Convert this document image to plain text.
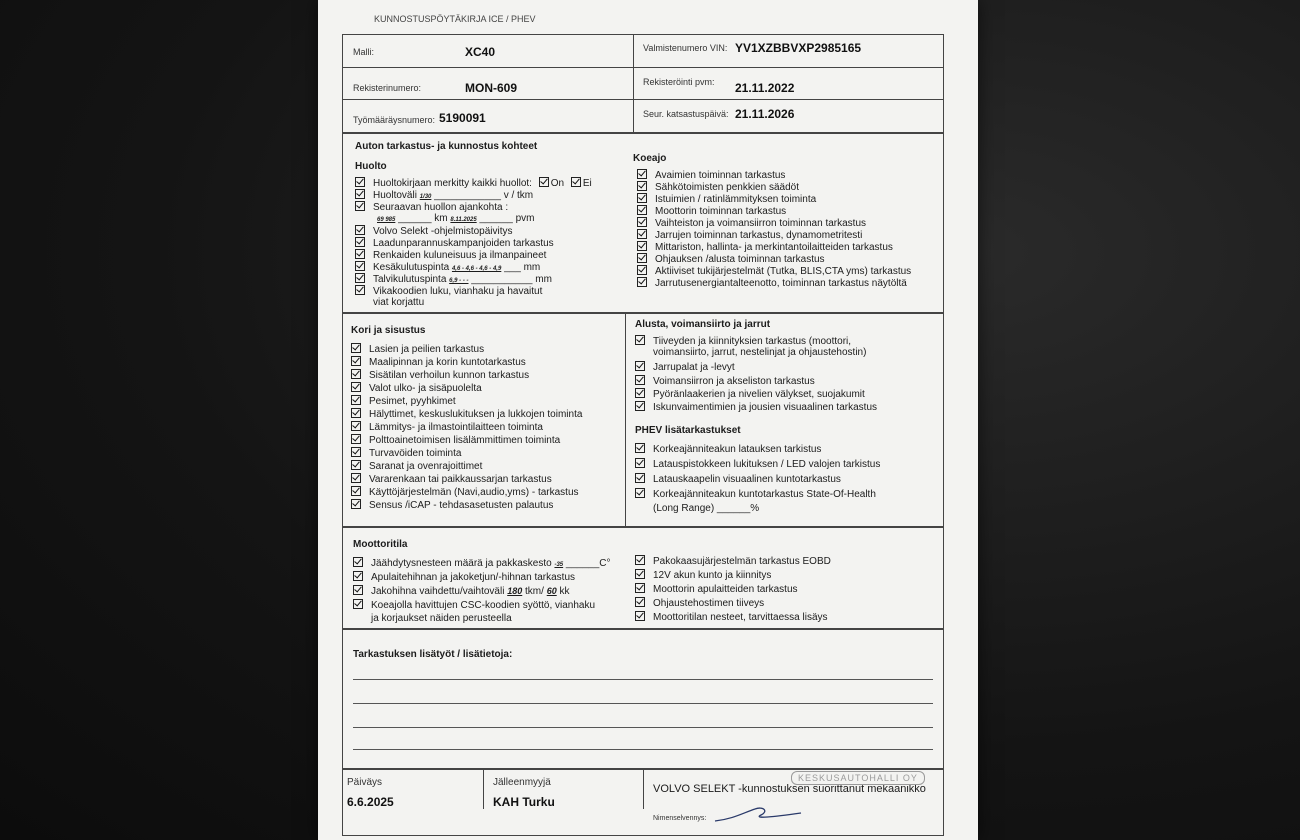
KUNNOSTUSPÖYTÄKIRJA ICE / PHEV
Malli:	XC40	Valmistenumero VIN: YV1XZBBVXP2985165
Rekisterinumero:	MON-609	Rekisteröinti pvm: 21.11.2022
Työmääräysnumero: 5190091	Seur. katsastuspäivä: 21.11.2026
Auton tarkastus- ja kunnostus kohteet
Huolto
Koeajo
Huoltokirjaan merkitty kaikki huollot: On Ei
Huoltoväli 1/30 ____________ v / tkm
Seuraavan huollon ajankohta :
69 985 ______ km 8.11.2025 ______ pvm
Volvo Selekt -ohjelmistopäivitys
Laadunparannuskampanjoiden tarkastus
Renkaiden kuluneisuus ja ilmanpaineet
Kesäkulutuspinta 4,6 - 4,6 - 4,6 - 4,9 ___ mm
Talvikulutuspinta 6,9 - - - ___________ mm
Vikakoodien luku, vianhaku ja havaitut
viat korjattu
Avaimien toiminnan tarkastus
Sähkötoimisten penkkien säädöt
Istuimien / ratinlämmityksen toiminta
Moottorin toiminnan tarkastus
Vaihteiston ja voimansiirron toiminnan tarkastus
Jarrujen toiminnan tarkastus, dynamometritesti
Mittariston, hallinta- ja merkintantoilaitteiden tarkastus
Ohjauksen /alusta toiminnan tarkastus
Aktiiviset tukijärjestelmät (Tutka, BLIS,CTA yms) tarkastus
Jarrutusenergiantalteenotto, toiminnan tarkastus näytöltä
Kori ja sisustus
Alusta, voimansiirto ja jarrut
Lasien ja peilien tarkastus
Maalipinnan ja korin kuntotarkastus
Sisätilan verhoilun kunnon tarkastus
Valot ulko- ja sisäpuolelta
Pesimet, pyyhkimet
Hälyttimet, keskuslukituksen ja lukkojen toiminta
Lämmitys- ja ilmastointilaitteen toiminta
Polttoainetoimisen lisälämmittimen toiminta
Turvavöiden toiminta
Saranat ja ovenrajoittimet
Vararenkaan tai paikkaussarjan tarkastus
Käyttöjärjestelmän (Navi,audio,yms) - tarkastus
Sensus /iCAP - tehdasasetusten palautus
Tiiveyden ja kiinnityksien tarkastus (moottori,
voimansiirto, jarrut, nestelinjat ja ohjaustehostin)
Jarrupalat ja -levyt
Voimansiirron ja akseliston tarkastus
Pyöränlaakerien ja nivelien välykset, suojakumit
Iskunvaimentimien ja jousien visuaalinen tarkastus
PHEV lisätarkastukset
Korkeajänniteakun latauksen tarkistus
Latauspistokkeen lukituksen / LED valojen tarkistus
Latauskaapelin visuaalinen kuntotarkastus
Korkeajänniteakun kuntotarkastus State-Of-Health
(Long Range) ______%
Moottoritila
Jäähdytysnesteen määrä ja pakkaskesto -35 ______C°
Apulaitehihnan ja jakoketjun/-hihnan tarkastus
Jakohihna vaihdettu/vaihtoväli 180 tkm/ 60 kk
Koeajolla havittujen CSC-koodien syöttö, vianhaku
ja korjaukset näiden perusteella
Pakokaasujärjestelmän tarkastus EOBD
12V akun kunto ja kiinnitys
Moottorin apulaitteiden tarkastus
Ohjaustehostimen tiiveys
Moottoritilan nesteet, tarvittaessa lisäys
Tarkastuksen lisätyöt / lisätietoja:
Päiväys
6.6.2025
Jälleenmyyjä
KAH Turku
VOLVO SELEKT -kunnostuksen suorittanut mekaanikko
KESKUSAUTOHALLI OY
Nimenselvennys:
